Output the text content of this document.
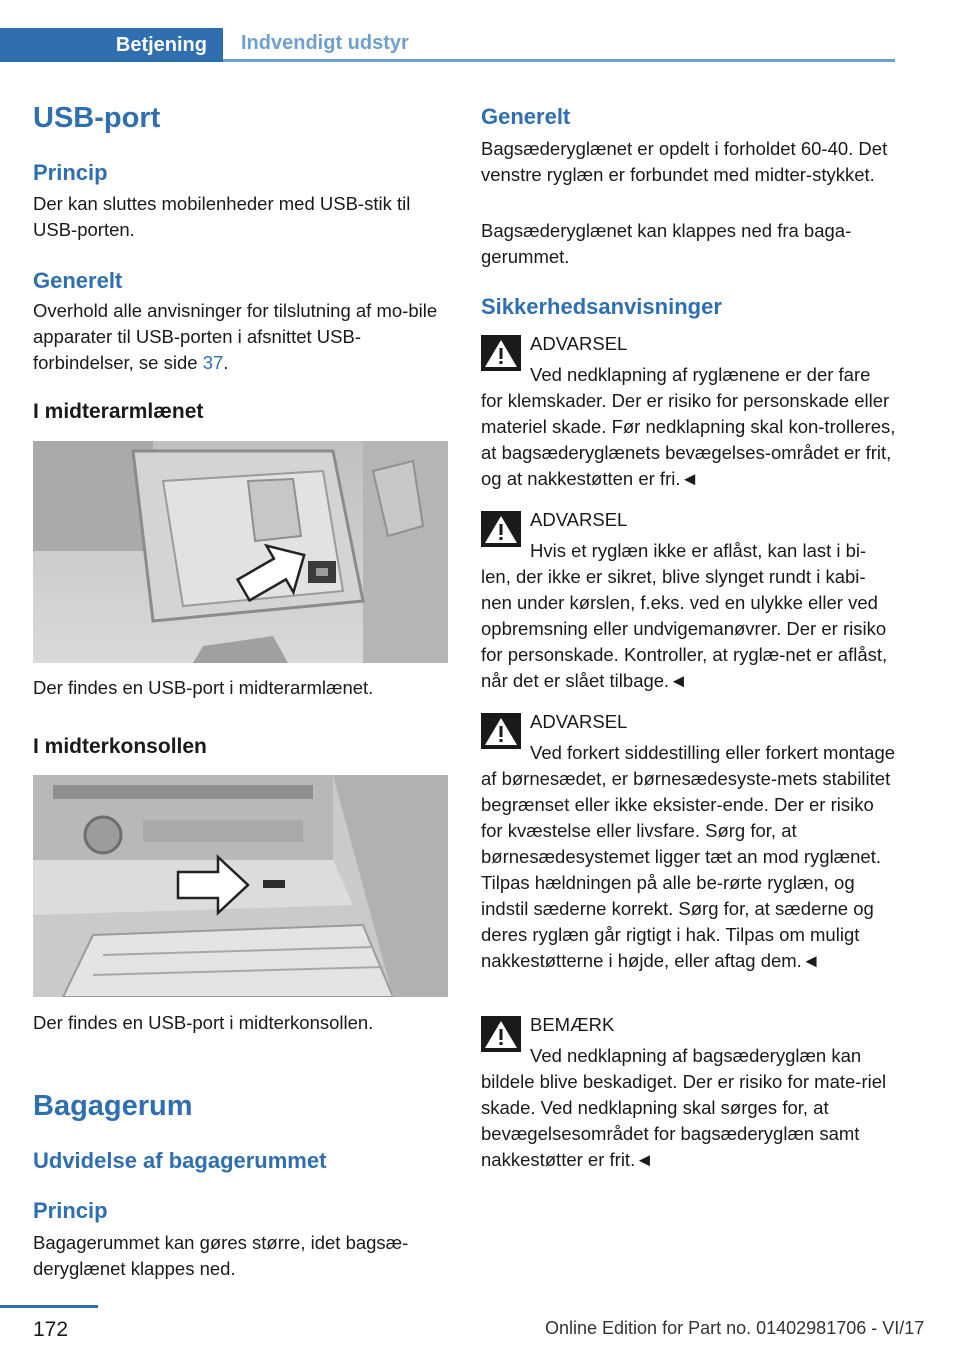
Betjening	Indvendigt udstyr
USB-port
Princip

Der kan sluttes mobilenheder med USB-stik til USB-porten.

Generelt

Overhold alle anvisninger for tilslutning af mo-bile apparater til USB-porten i afsnittet USB-forbindelser, se side 37.

I midterarmlænet

Der findes en USB-port i midterarmlænet.

I midterkonsollen

Der findes en USB-port i midterkonsollen.

Bagagerum
Udvidelse af bagagerummet
Princip

Bagagerummet kan gøres større, idet bagsæ-deryglænet klappes ned.

Generelt

Bagsæderyglænet er opdelt i forholdet 60-40. Det venstre ryglæn er forbundet med midter-stykket.

Bagsæderyglænet kan klappes ned fra baga-gerummet.

Sikkerhedsanvisninger

ADVARSEL

Ved nedklapning af ryglænene er der fare for klemskader. Der er risiko for personskade eller materiel skade. Før nedklapning skal kon-trolleres, at bagsæderyglænets bevægelses-området er frit, og at nakkestøtten er fri.◄

ADVARSEL

Hvis et ryglæn ikke er aflåst, kan last i bi-len, der ikke er sikret, blive slynget rundt i kabi-nen under kørslen, f.eks. ved en ulykke eller ved opbremsning eller undvigemanøvrer. Der er risiko for personskade. Kontroller, at ryglæ-net er aflåst, når det er slået tilbage.◄

ADVARSEL

Ved forkert siddestilling eller forkert montage af børnesædet, er børnesædesyste-mets stabilitet begrænset eller ikke eksister-ende. Der er risiko for kvæstelse eller livsfare. Sørg for, at børnesædesystemet ligger tæt an mod ryglænet. Tilpas hældningen på alle be-rørte ryglæn, og indstil sæderne korrekt. Sørg for, at sæderne og deres ryglæn går rigtigt i hak. Tilpas om muligt nakkestøtterne i højde, eller aftag dem.◄

BEMÆRK

Ved nedklapning af bagsæderyglæn kan bildele blive beskadiget. Der er risiko for mate-riel skade. Ved nedklapning skal sørges for, at bevægelsesområdet for bagsæderyglæn samt nakkestøtter er frit.◄

172	Online Edition for Part no. 01402981706 - VI/17
